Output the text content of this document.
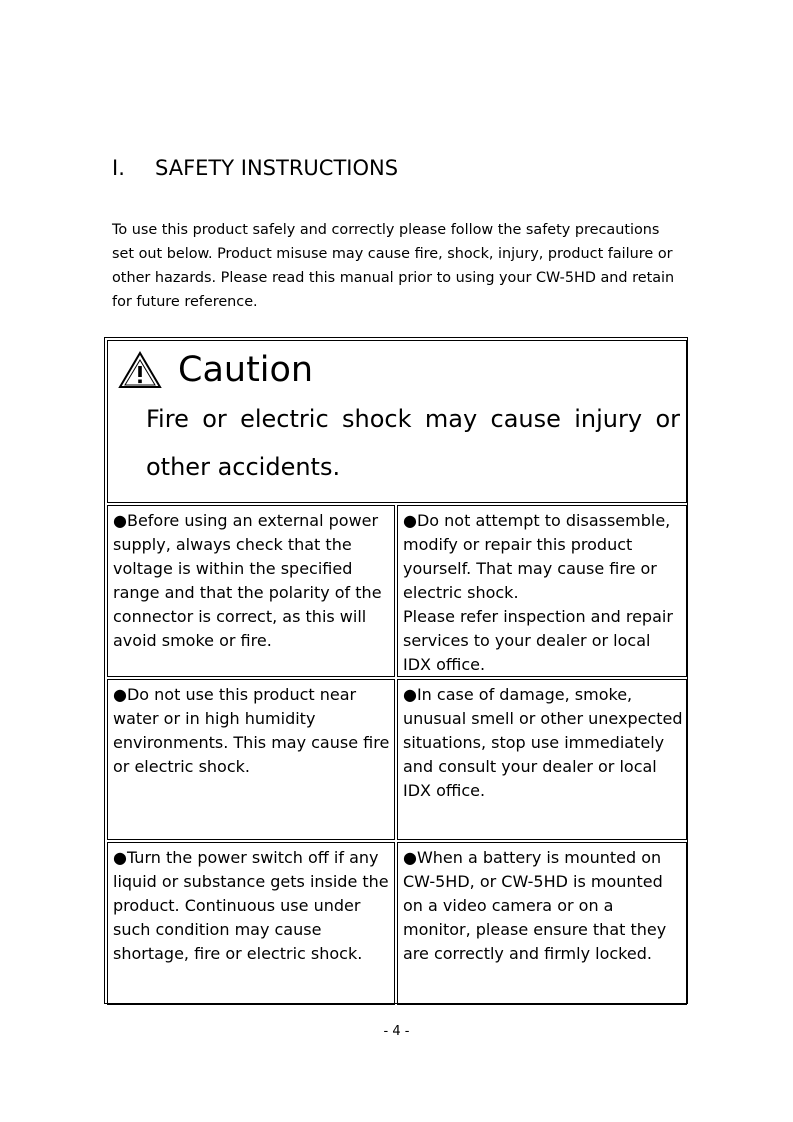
I. SAFETY INSTRUCTIONS

To use this product safely and correctly please follow the safety precautions set out below. Product misuse may cause fire, shock, injury, product failure or other hazards. Please read this manual prior to using your CW-5HD and retain for future reference.

Caution
Fire or electric shock may cause injury or other accidents.
●Before using an external power supply, always check that the voltage is within the specified range and that the polarity of the connector is correct, as this will avoid smoke or fire.
●Do not attempt to disassemble, modify or repair this product yourself. That may cause fire or electric shock.
Please refer inspection and repair services to your dealer or local IDX office.
●Do not use this product near water or in high humidity environments. This may cause fire or electric shock.
●In case of damage, smoke, unusual smell or other unexpected situations, stop use immediately and consult your dealer or local IDX office.
●Turn the power switch off if any liquid or substance gets inside the product. Continuous use under such condition may cause shortage, fire or electric shock.
●When a battery is mounted on CW-5HD, or CW-5HD is mounted on a video camera or on a monitor, please ensure that they are correctly and firmly locked.
- 4 -
